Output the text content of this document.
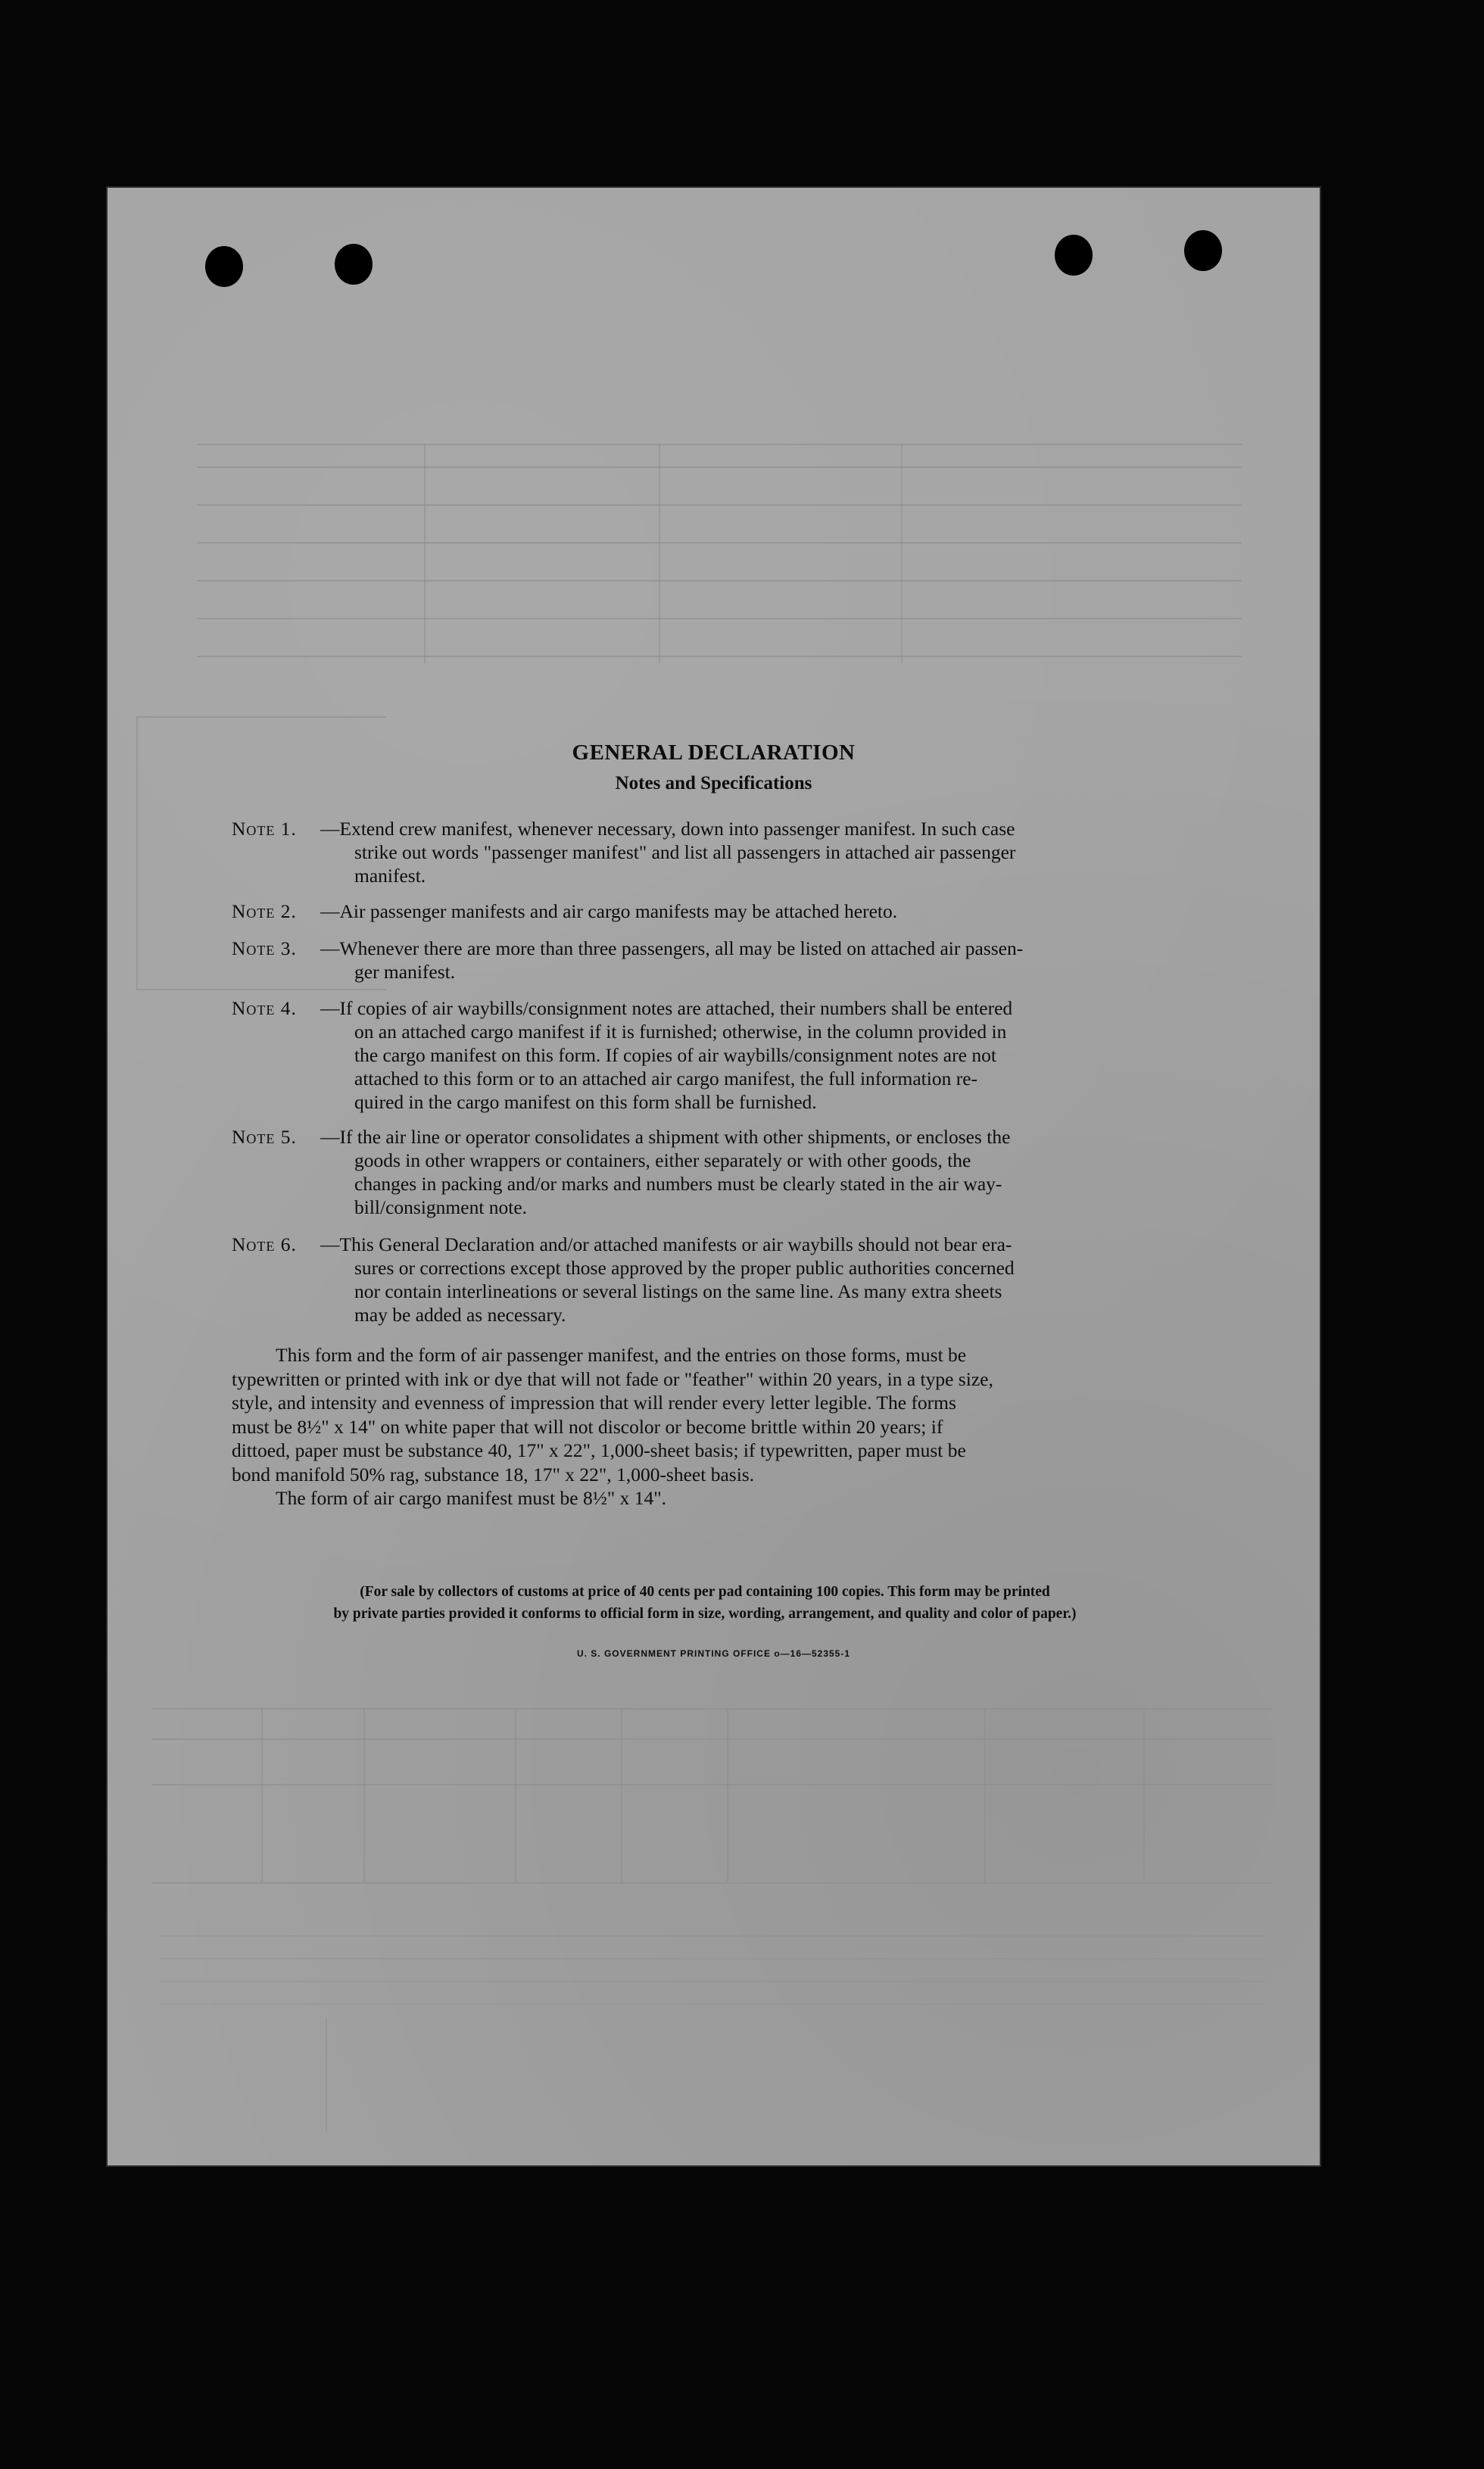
GENERAL DECLARATION
Notes and Specifications
Note 1. —Extend crew manifest, whenever necessary, down into passenger manifest. In such case
strike out words "passenger manifest" and list all passengers in attached air passenger
manifest.
Note 2. —Air passenger manifests and air cargo manifests may be attached hereto.
Note 3. —Whenever there are more than three passengers, all may be listed on attached air passen-
ger manifest.
Note 4. —If copies of air waybills/consignment notes are attached, their numbers shall be entered
on an attached cargo manifest if it is furnished; otherwise, in the column provided in
the cargo manifest on this form. If copies of air waybills/consignment notes are not
attached to this form or to an attached air cargo manifest, the full information re-
quired in the cargo manifest on this form shall be furnished.
Note 5. —If the air line or operator consolidates a shipment with other shipments, or encloses the
goods in other wrappers or containers, either separately or with other goods, the
changes in packing and/or marks and numbers must be clearly stated in the air way-
bill/consignment note.
Note 6. —This General Declaration and/or attached manifests or air waybills should not bear era-
sures or corrections except those approved by the proper public authorities concerned
nor contain interlineations or several listings on the same line. As many extra sheets
may be added as necessary.
This form and the form of air passenger manifest, and the entries on those forms, must be
typewritten or printed with ink or dye that will not fade or "feather" within 20 years, in a type size,
style, and intensity and evenness of impression that will render every letter legible. The forms
must be 8½" x 14" on white paper that will not discolor or become brittle within 20 years; if
dittoed, paper must be substance 40, 17" x 22", 1,000-sheet basis; if typewritten, paper must be
bond manifold 50% rag, substance 18, 17" x 22", 1,000-sheet basis.
The form of air cargo manifest must be 8½" x 14".
(For sale by collectors of customs at price of 40 cents per pad containing 100 copies. This form may be printed
by private parties provided it conforms to official form in size, wording, arrangement, and quality and color of paper.)
U. S. GOVERNMENT PRINTING OFFICE o—16—52355-1
